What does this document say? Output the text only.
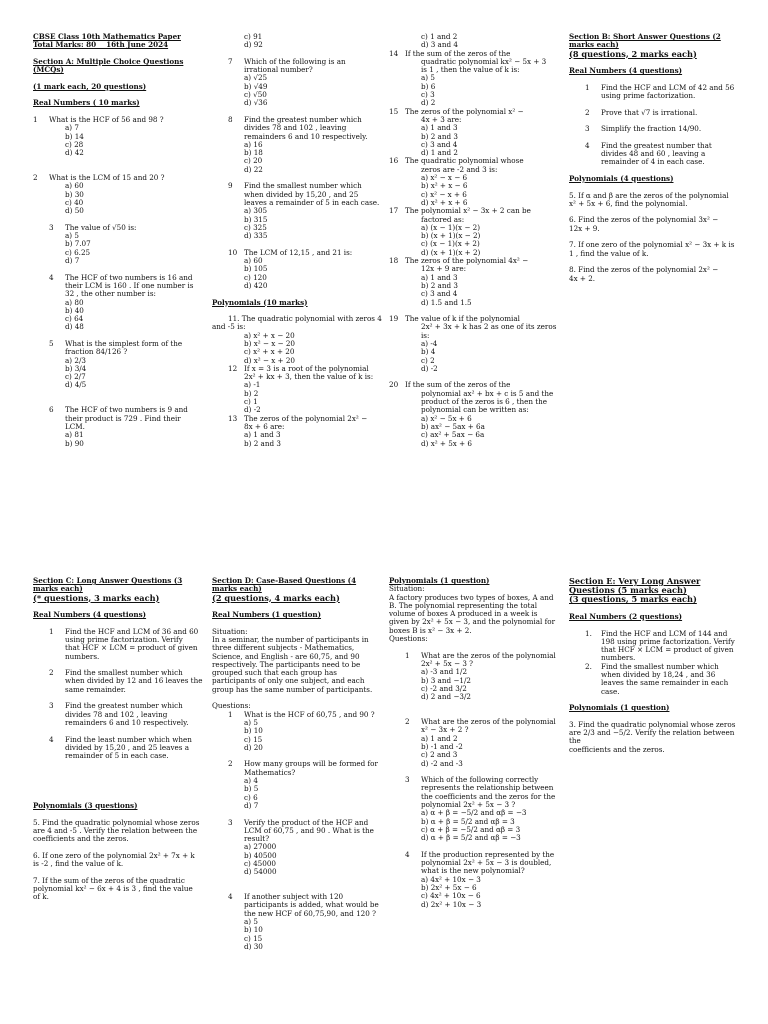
CBSE Class 10th Mathematics Paper
Total Marks: 80    16th June 2024
Section A: Multiple Choice Questions
(MCQs)
(1 mark each, 20 questions)
Real Numbers ( 10 marks)
1     What is the HCF of 56 and 98 ?
a) 7
b) 14
c) 28
d) 42
2     What is the LCM of 15 and 20 ?
a) 60
b) 30
c) 40
d) 50
3     The value of √50 is:
a) 5
b) 7.07
c) 6.25
d) 7
4     The HCF of two numbers is 16 and
their LCM is 160 . If one number is
32 , the other number is:
a) 80
b) 40
c) 64
d) 48
5     What is the simplest form of the
fraction 84/126 ?
a) 2/3
b) 3/4
c) 2/7
d) 4/5
6     The HCF of two numbers is 9 and
their product is 729 . Find their
LCM.
a) 81
b) 90
c) 91
d) 92
7     Which of the following is an
irrational number?
a) √25
b) √49
c) √50
d) √36
8     Find the greatest number which
divides 78 and 102 , leaving
remainders 6 and 10 respectively.
a) 16
b) 18
c) 20
d) 22
9     Find the smallest number which
when divided by 15,20 , and 25
leaves a remainder of 5 in each case.
a) 305
b) 315
c) 325
d) 335
10   The LCM of 12,15 , and 21 is:
a) 60
b) 105
c) 120
d) 420
Polynomials (10 marks)
11. The quadratic polynomial with zeros 4
and -5 is:
a) x² + x − 20
b) x² − x − 20
c) x² + x + 20
d) x² − x + 20
12   If x = 3 is a root of the polynomial
2x² + kx + 3, then the value of k is:
a) -1
b) 2
c) 1
d) -2
13   The zeros of the polynomial 2x² −
8x + 6 are:
a) 1 and 3
b) 2 and 3
c) 1 and 2
d) 3 and 4
14   If the sum of the zeros of the
quadratic polynomial kx² − 5x + 3
is 1 , then the value of k is:
a) 5
b) 6
c) 3
d) 2
15   The zeros of the polynomial x² −
4x + 3 are:
a) 1 and 3
b) 2 and 3
c) 3 and 4
d) 1 and 2
16   The quadratic polynomial whose
zeros are -2 and 3 is:
a) x² − x − 6
b) x² + x − 6
c) x² − x + 6
d) x² + x + 6
17   The polynomial x² − 3x + 2 can be
factored as:
a) (x − 1)(x − 2)
b) (x + 1)(x − 2)
c) (x − 1)(x + 2)
d) (x + 1)(x + 2)
18   The zeros of the polynomial 4x² −
12x + 9 are:
a) 1 and 3
b) 2 and 3
c) 3 and 4
d) 1.5 and 1.5
19   The value of k if the polynomial
2x² + 3x + k has 2 as one of its zeros
is:
a) -4
b) 4
c) 2
d) -2
20   If the sum of the zeros of the
polynomial ax² + bx + c is 5 and the
product of the zeros is 6 , then the
polynomial can be written as:
a) x² − 5x + 6
b) ax² − 5ax + 6a
c) ax² + 5ax − 6a
d) x² + 5x + 6
Section B: Short Answer Questions (2
marks each)
(8 questions, 2 marks each)
Real Numbers (4 questions)
1     Find the HCF and LCM of 42 and 56
using prime factorization.
2     Prove that √7 is irrational.
3     Simplify the fraction 14/90.
4     Find the greatest number that
divides 48 and 60 , leaving a
remainder of 4 in each case.
Polynomials (4 questions)
5. If α and β are the zeros of the polynomial
x² + 5x + 6, find the polynomial.
6. Find the zeros of the polynomial 3x² −
12x + 9.
7. If one zero of the polynomial x² − 3x + k is
1 , find the value of k.
8. Find the zeros of the polynomial 2x² −
4x + 2.
Section C: Long Answer Questions (3
marks each)
(* questions, 3 marks each)
Real Numbers (4 questions)
1     Find the HCF and LCM of 36 and 60
using prime factorization. Verify
that HCF × LCM = product of given
numbers.
2     Find the smallest number which
when divided by 12 and 16 leaves the
same remainder.
3     Find the greatest number which
divides 78 and 102 , leaving
remainders 6 and 10 respectively.
4     Find the least number which when
divided by 15,20 , and 25 leaves a
remainder of 5 in each case.
Polynomials (3 questions)
5. Find the quadratic polynomial whose zeros
are 4 and -5 . Verify the relation between the
coefficients and the zeros.
6. If one zero of the polynomial 2x² + 7x + k
is -2 , find the value of k.
7. If the sum of the zeros of the quadratic
polynomial kx² − 6x + 4 is 3 , find the value
of k.
Section D: Case-Based Questions (4
marks each)
(2 questions, 4 marks each)
Real Numbers (1 question)
Situation:
In a seminar, the number of participants in
three different subjects - Mathematics,
Science, and English - are 60,75, and 90
respectively. The participants need to be
grouped such that each group has
participants of only one subject, and each
group has the same number of participants.
Questions:
1     What is the HCF of 60,75 , and 90 ?
a) 5
b) 10
c) 15
d) 20
2     How many groups will be formed for
Mathematics?
a) 4
b) 5
c) 6
d) 7
3     Verify the product of the HCF and
LCM of 60,75 , and 90 . What is the
result?
a) 27000
b) 40500
c) 45000
d) 54000
4     If another subject with 120
participants is added, what would be
the new HCF of 60,75,90, and 120 ?
a) 5
b) 10
c) 15
d) 30
Polynomials (1 question)
Situation:
A factory produces two types of boxes, A and
B. The polynomial representing the total
volume of boxes A produced in a week is
given by 2x² + 5x − 3, and the polynomial for
boxes B is x² − 3x + 2.
Questions:
1     What are the zeros of the polynomial
2x² + 5x − 3 ?
a) -3 and 1/2
b) 3 and −1/2
c) -2 and 3/2
d) 2 and −3/2
2     What are the zeros of the polynomial
x² − 3x + 2 ?
a) 1 and 2
b) -1 and -2
c) 2 and 3
d) -2 and -3
3     Which of the following correctly
represents the relationship between
the coefficients and the zeros for the
polynomial 2x² + 5x − 3 ?
a) α + β = −5/2 and αβ = −3
b) α + β = 5/2 and αβ = 3
c) α + β = −5/2 and αβ = 3
d) α + β = 5/2 and αβ = −3
4     If the production represented by the
polynomial 2x² + 5x − 3 is doubled,
what is the new polynomial?
a) 4x² + 10x − 3
b) 2x² + 5x − 6
c) 4x² + 10x − 6
d) 2x² + 10x − 3
Section E: Very Long Answer
Questions (5 marks each)
(3 questions, 5 marks each)
Real Numbers (2 questions)
1.    Find the HCF and LCM of 144 and
198 using prime factorization. Verify
that HCF × LCM = product of given
numbers.
2.    Find the smallest number which
when divided by 18,24 , and 36
leaves the same remainder in each
case.
Polynomials (1 question)
3. Find the quadratic polynomial whose zeros
are 2/3 and −5/2. Verify the relation between the
coefficients and the zeros.
